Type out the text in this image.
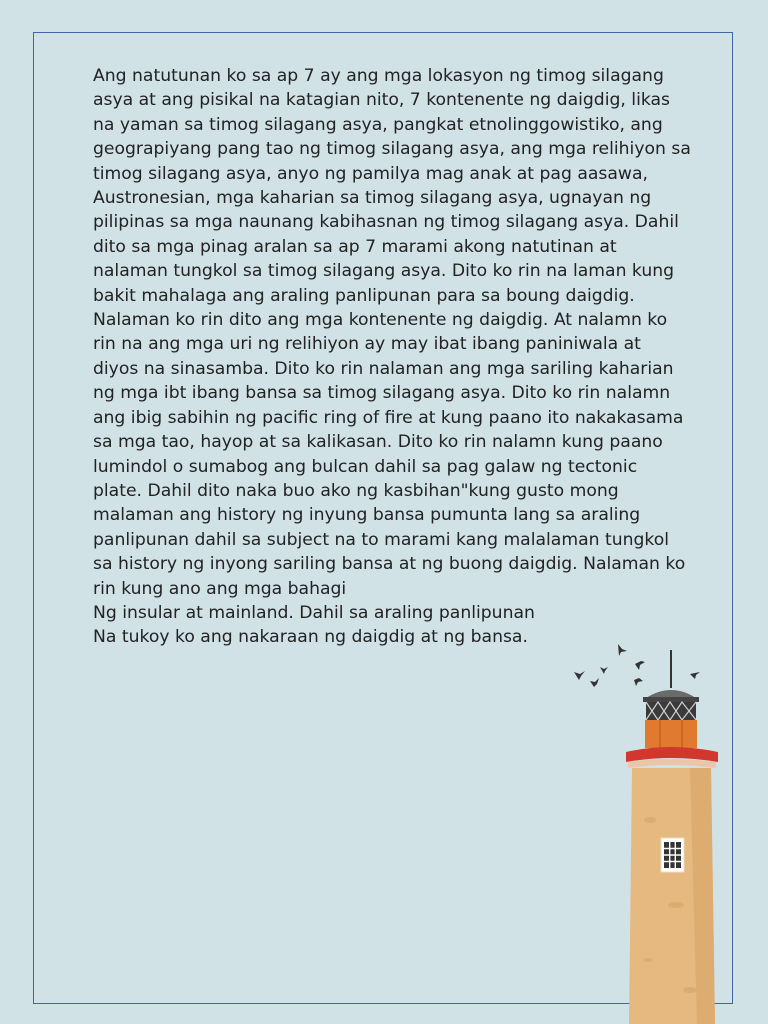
Ang natutunan ko sa ap 7 ay ang mga lokasyon ng timog silagang
asya at ang pisikal na katagian nito, 7 kontenente ng daigdig, likas
na yaman sa timog silagang asya, pangkat etnolinggowistiko, ang
geograpiyang pang tao ng timog silagang asya, ang mga relihiyon sa
timog silagang asya, anyo ng pamilya mag anak at pag aasawa,
Austronesian, mga kaharian sa timog silagang asya, ugnayan ng
pilipinas sa mga naunang kabihasnan ng timog silagang asya. Dahil
dito sa mga pinag aralan sa ap 7 marami akong natutinan at
nalaman tungkol sa timog silagang asya. Dito ko rin na laman kung
bakit mahalaga ang araling panlipunan para sa boung daigdig.
Nalaman ko rin dito ang mga kontenente ng daigdig. At nalamn ko
rin na ang mga uri ng relihiyon ay may ibat ibang paniniwala at
diyos na sinasamba. Dito ko rin nalaman ang mga sariling kaharian
ng mga ibt ibang bansa sa timog silagang asya. Dito ko rin nalamn
ang ibig sabihin ng pacific ring of fire at kung paano ito nakakasama
sa mga tao, hayop at sa kalikasan. Dito ko rin nalamn kung paano
lumindol o sumabog ang bulcan dahil sa pag galaw ng tectonic
plate. Dahil dito naka buo ako ng kasbihan"kung gusto mong
malaman ang history ng inyung bansa pumunta lang sa araling
panlipunan dahil sa subject na to marami kang malalaman tungkol
sa history ng inyong sariling bansa at ng buong daigdig. Nalaman ko
rin kung ano ang mga bahagi
Ng insular at mainland. Dahil sa araling panlipunan
Na tukoy ko ang nakaraan ng daigdig at ng bansa.
